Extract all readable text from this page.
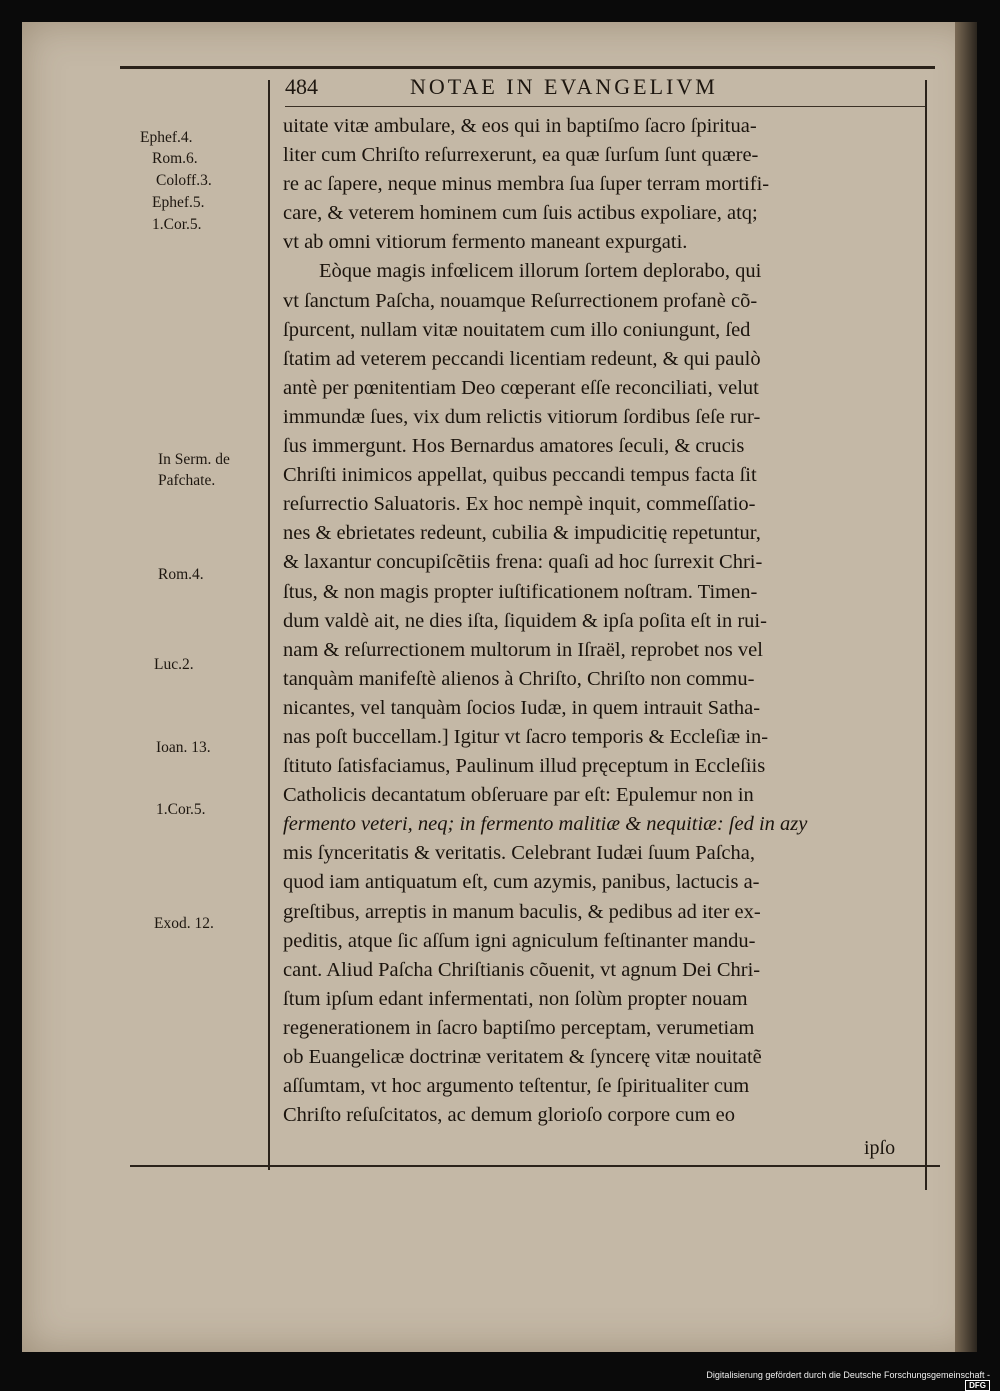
484	NOTAE IN EVANGELIVM
Ephef.4.
Rom.6.
Coloff.3.
Ephef.5.
1.Cor.5.
In Serm. de
Pafchate.
Rom.4.
Luc.2.
Ioan. 13.
1.Cor.5.
Exod. 12.
uitate vitæ ambulare, & eos qui in baptiſmo ſacro ſpiritua-
liter cum Chriſto reſurrexerunt, ea quæ ſurſum ſunt quære-
re ac ſapere, neque minus membra ſua ſuper terram mortifi-
care, & veterem hominem cum ſuis actibus expoliare, atq;
vt ab omni vitiorum fermento maneant expurgati.
Eòque magis infœlicem illorum ſortem deplorabo, qui
vt ſanctum Paſcha, nouamque Reſurrectionem profanè cõ-
ſpurcent, nullam vitæ nouitatem cum illo coniungunt, ſed
ſtatim ad veterem peccandi licentiam redeunt, & qui paulò
antè per pœnitentiam Deo cœperant eſſe reconciliati, velut
immundæ ſues, vix dum relictis vitiorum ſordibus ſeſe rur-
ſus immergunt. Hos Bernardus amatores ſeculi, & crucis
Chriſti inimicos appellat, quibus peccandi tempus facta ſit
reſurrectio Saluatoris. Ex hoc nempè inquit, commeſſatio-
nes & ebrietates redeunt, cubilia & impudicitię repetuntur,
& laxantur concupiſcẽtiis frena: quaſi ad hoc ſurrexit Chri-
ſtus, & non magis propter iuſtificationem noſtram. Timen-
dum valdè ait, ne dies iſta, ſiquidem & ipſa poſita eſt in rui-
nam & reſurrectionem multorum in Iſraël, reprobet nos vel
tanquàm manifeſtè alienos à Chriſto, Chriſto non commu-
nicantes, vel tanquàm ſocios Iudæ, in quem intrauit Satha-
nas poſt buccellam.] Igitur vt ſacro temporis & Eccleſiæ in-
ſtituto ſatisfaciamus, Paulinum illud pręceptum in Eccleſiis
Catholicis decantatum obſeruare par eſt: Epulemur non in
fermento veteri, neq; in fermento malitiæ & nequitiæ: ſed in azy
mis ſynceritatis & veritatis. Celebrant Iudæi ſuum Paſcha,
quod iam antiquatum eſt, cum azymis, panibus, lactucis a-
greſtibus, arreptis in manum baculis, & pedibus ad iter ex-
peditis, atque ſic aſſum igni agniculum feſtinanter mandu-
cant. Aliud Paſcha Chriſtianis cõuenit, vt agnum Dei Chri-
ſtum ipſum edant infermentati, non ſolùm propter nouam
regenerationem in ſacro baptiſmo perceptam, verumetiam
ob Euangelicæ doctrinæ veritatem & ſyncerę vitæ nouitatẽ
aſſumtam, vt hoc argumento teſtentur, ſe ſpiritualiter cum
Chriſto reſuſcitatos, ac demum glorioſo corpore cum eo
ipſo
Digitalisierung gefördert durch die Deutsche Forschungsgemeinschaft -DFG
